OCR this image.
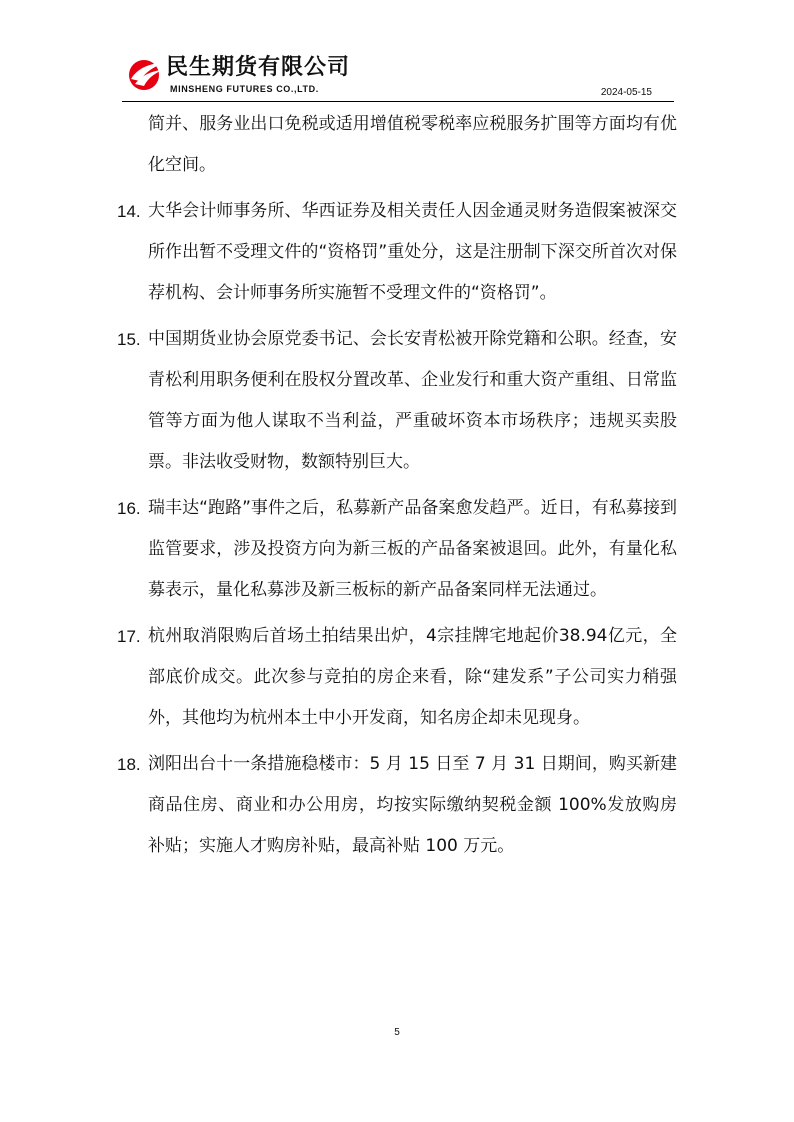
民生期货有限公司
MINSHENG FUTURES CO.,LTD.	2024-05-15
简并、服务业出口免税或适用增值税零税率应税服务扩围等方面均有优化空间。
14. 大华会计师事务所、华西证券及相关责任人因金通灵财务造假案被深交所作出暂不受理文件的“资格罚”重处分，这是注册制下深交所首次对保荐机构、会计师事务所实施暂不受理文件的“资格罚”。
15. 中国期货业协会原党委书记、会长安青松被开除党籍和公职。经查，安青松利用职务便利在股权分置改革、企业发行和重大资产重组、日常监管等方面为他人谋取不当利益，严重破坏资本市场秩序；违规买卖股票。非法收受财物，数额特别巨大。
16. 瑞丰达“跑路”事件之后，私募新产品备案愈发趋严。近日，有私募接到监管要求，涉及投资方向为新三板的产品备案被退回。此外，有量化私募表示，量化私募涉及新三板标的新产品备案同样无法通过。
17. 杭州取消限购后首场土拍结果出炉，4宗挂牌宅地起价38.94亿元，全部底价成交。此次参与竞拍的房企来看，除“建发系”子公司实力稍强外，其他均为杭州本土中小开发商，知名房企却未见现身。
18. 浏阳出台十一条措施稳楼市：5 月 15 日至 7 月 31 日期间，购买新建商品住房、商业和办公用房，均按实际缴纳契税金额 100%发放购房补贴；实施人才购房补贴，最高补贴 100 万元。
5
